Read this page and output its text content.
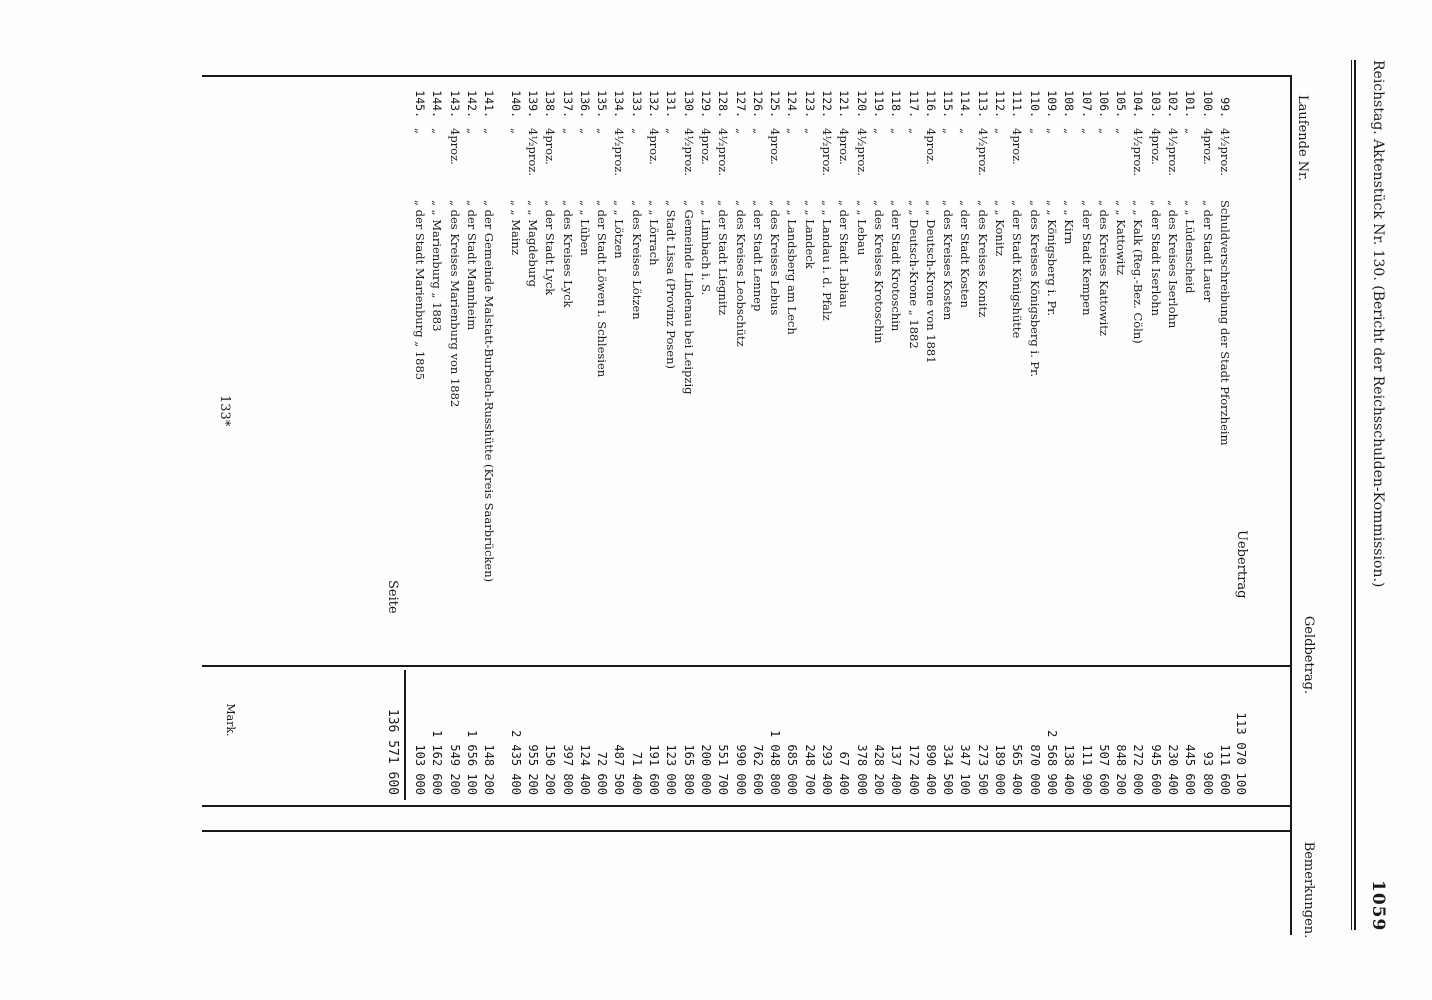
Reichstag. Aktenstück Nr. 130. (Bericht der Reichsschulden-Kommission.)
1059
Laufende Nr.
Geldbetrag.
Mark.
Bemerkungen.
99.
4½proz.
Schuldverschreibung der Stadt Pforzheim
111 600
100.
4proz.
„ der Stadt Lauer
93 800
101.
„
„ „ Lüdenscheid
445 600
102.
4½proz.
„ des Kreises Iserlohn
230 400
103.
4proz.
„ der Stadt Iserlohn
945 600
104.
4½proz.
„ „ Kalk (Reg.-Bez. Cöln)
272 000
105.
„
„ „ Kattowitz
848 200
106.
„
„ des Kreises Kattowitz
507 600
107.
„
„ der Stadt Kempen
111 900
108.
„
„ „ Kirn
138 400
109.
„
„ „ Königsberg i. Pr.
2 568 900
110.
„
„ des Kreises Königsberg i. Pr.
870 000
111.
4proz.
„ der Stadt Königshütte
565 400
112.
„
„ „ Konitz
189 000
113.
4½proz.
„ des Kreises Konitz
273 500
114.
„
„ der Stadt Kosten
347 100
115.
„
„ des Kreises Kosten
334 500
116.
4proz.
„ „ Deutsch-Krone von 1881
890 400
117.
„
„ „ Deutsch-Krone „ 1882
172 400
118.
„
„ der Stadt Krotoschin
137 400
119.
„
„ des Kreises Krotoschin
428 200
120.
4½proz.
„ „ Lebau
378 000
121.
4proz.
„ der Stadt Labiau
67 400
122.
4½proz.
„ „ Landau i. d. Pfalz
293 400
123.
„
„ „ Landeck
248 700
124.
„
„ „ Landsberg am Lech
685 000
125.
4proz.
„ des Kreises Lebus
1 048 800
126.
„
„ der Stadt Lennep
762 600
127.
„
„ des Kreises Leobschütz
990 000
128.
4½proz.
„ der Stadt Liegnitz
551 700
129.
4proz.
„ „ Limbach i. S.
200 000
130.
4½proz.
„ Gemeinde Lindenau bei Leipzig
165 800
131.
„
„ Stadt Lissa (Provinz Posen)
123 000
132.
4proz.
„ „ Lörrach
191 600
133.
„
„ des Kreises Lötzen
71 400
134.
4½proz.
„ „ Lötzen
487 500
135.
„
„ der Stadt Löwen i. Schlesien
72 600
136.
„
„ „ Lüben
124 400
137.
„
„ des Kreises Lyck
397 800
138.
4proz.
„ der Stadt Lyck
150 200
139.
4½proz.
„ „ Magdeburg
955 200
140.
„
„ „ Mainz
2 435 400
141.
„
„ der Gemeinde Malstatt-Burbach-Russhütte (Kreis Saarbrücken)
148 200
142.
„
„ der Stadt Mannheim
1 656 100
143.
4proz.
„ des Kreises Marienburg von 1882
549 200
144.
„
„ „ Marienburg „ 1883
1 162 600
145.
„
„ der Stadt Marienburg „ 1885
103 000
133*
Uebertrag
113 070 100
Seite
136 571 600
